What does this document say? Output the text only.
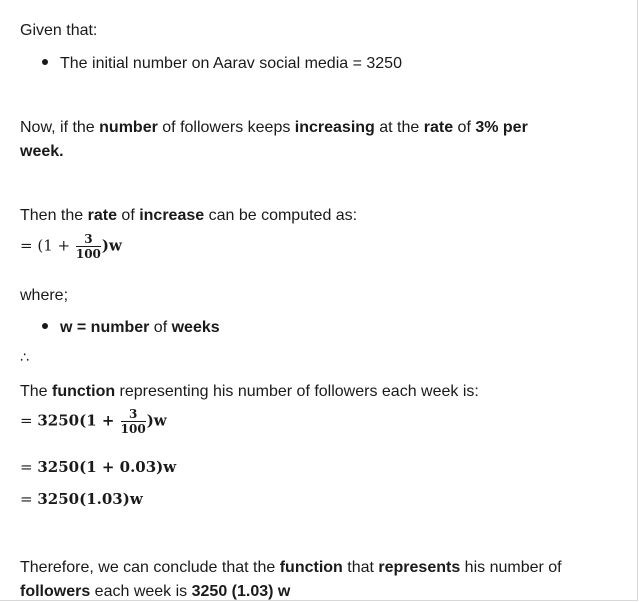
Given that:
The initial number on Aarav social media = 3250
Now, if the number of followers keeps increasing at the rate of 3% per
week.
Then the rate of increase can be computed as:
= $(1 + \frac{3}{100} )w$
where;
w = number of weeks
∴
The function representing his number of followers each week is:
= $3250(1 + \frac{3}{100} )w$
= 3250(1 + 0.03)w
= 3250(1.03)w
Therefore, we can conclude that the function that represents his number of
followers each week is 3250 (1.03) w
